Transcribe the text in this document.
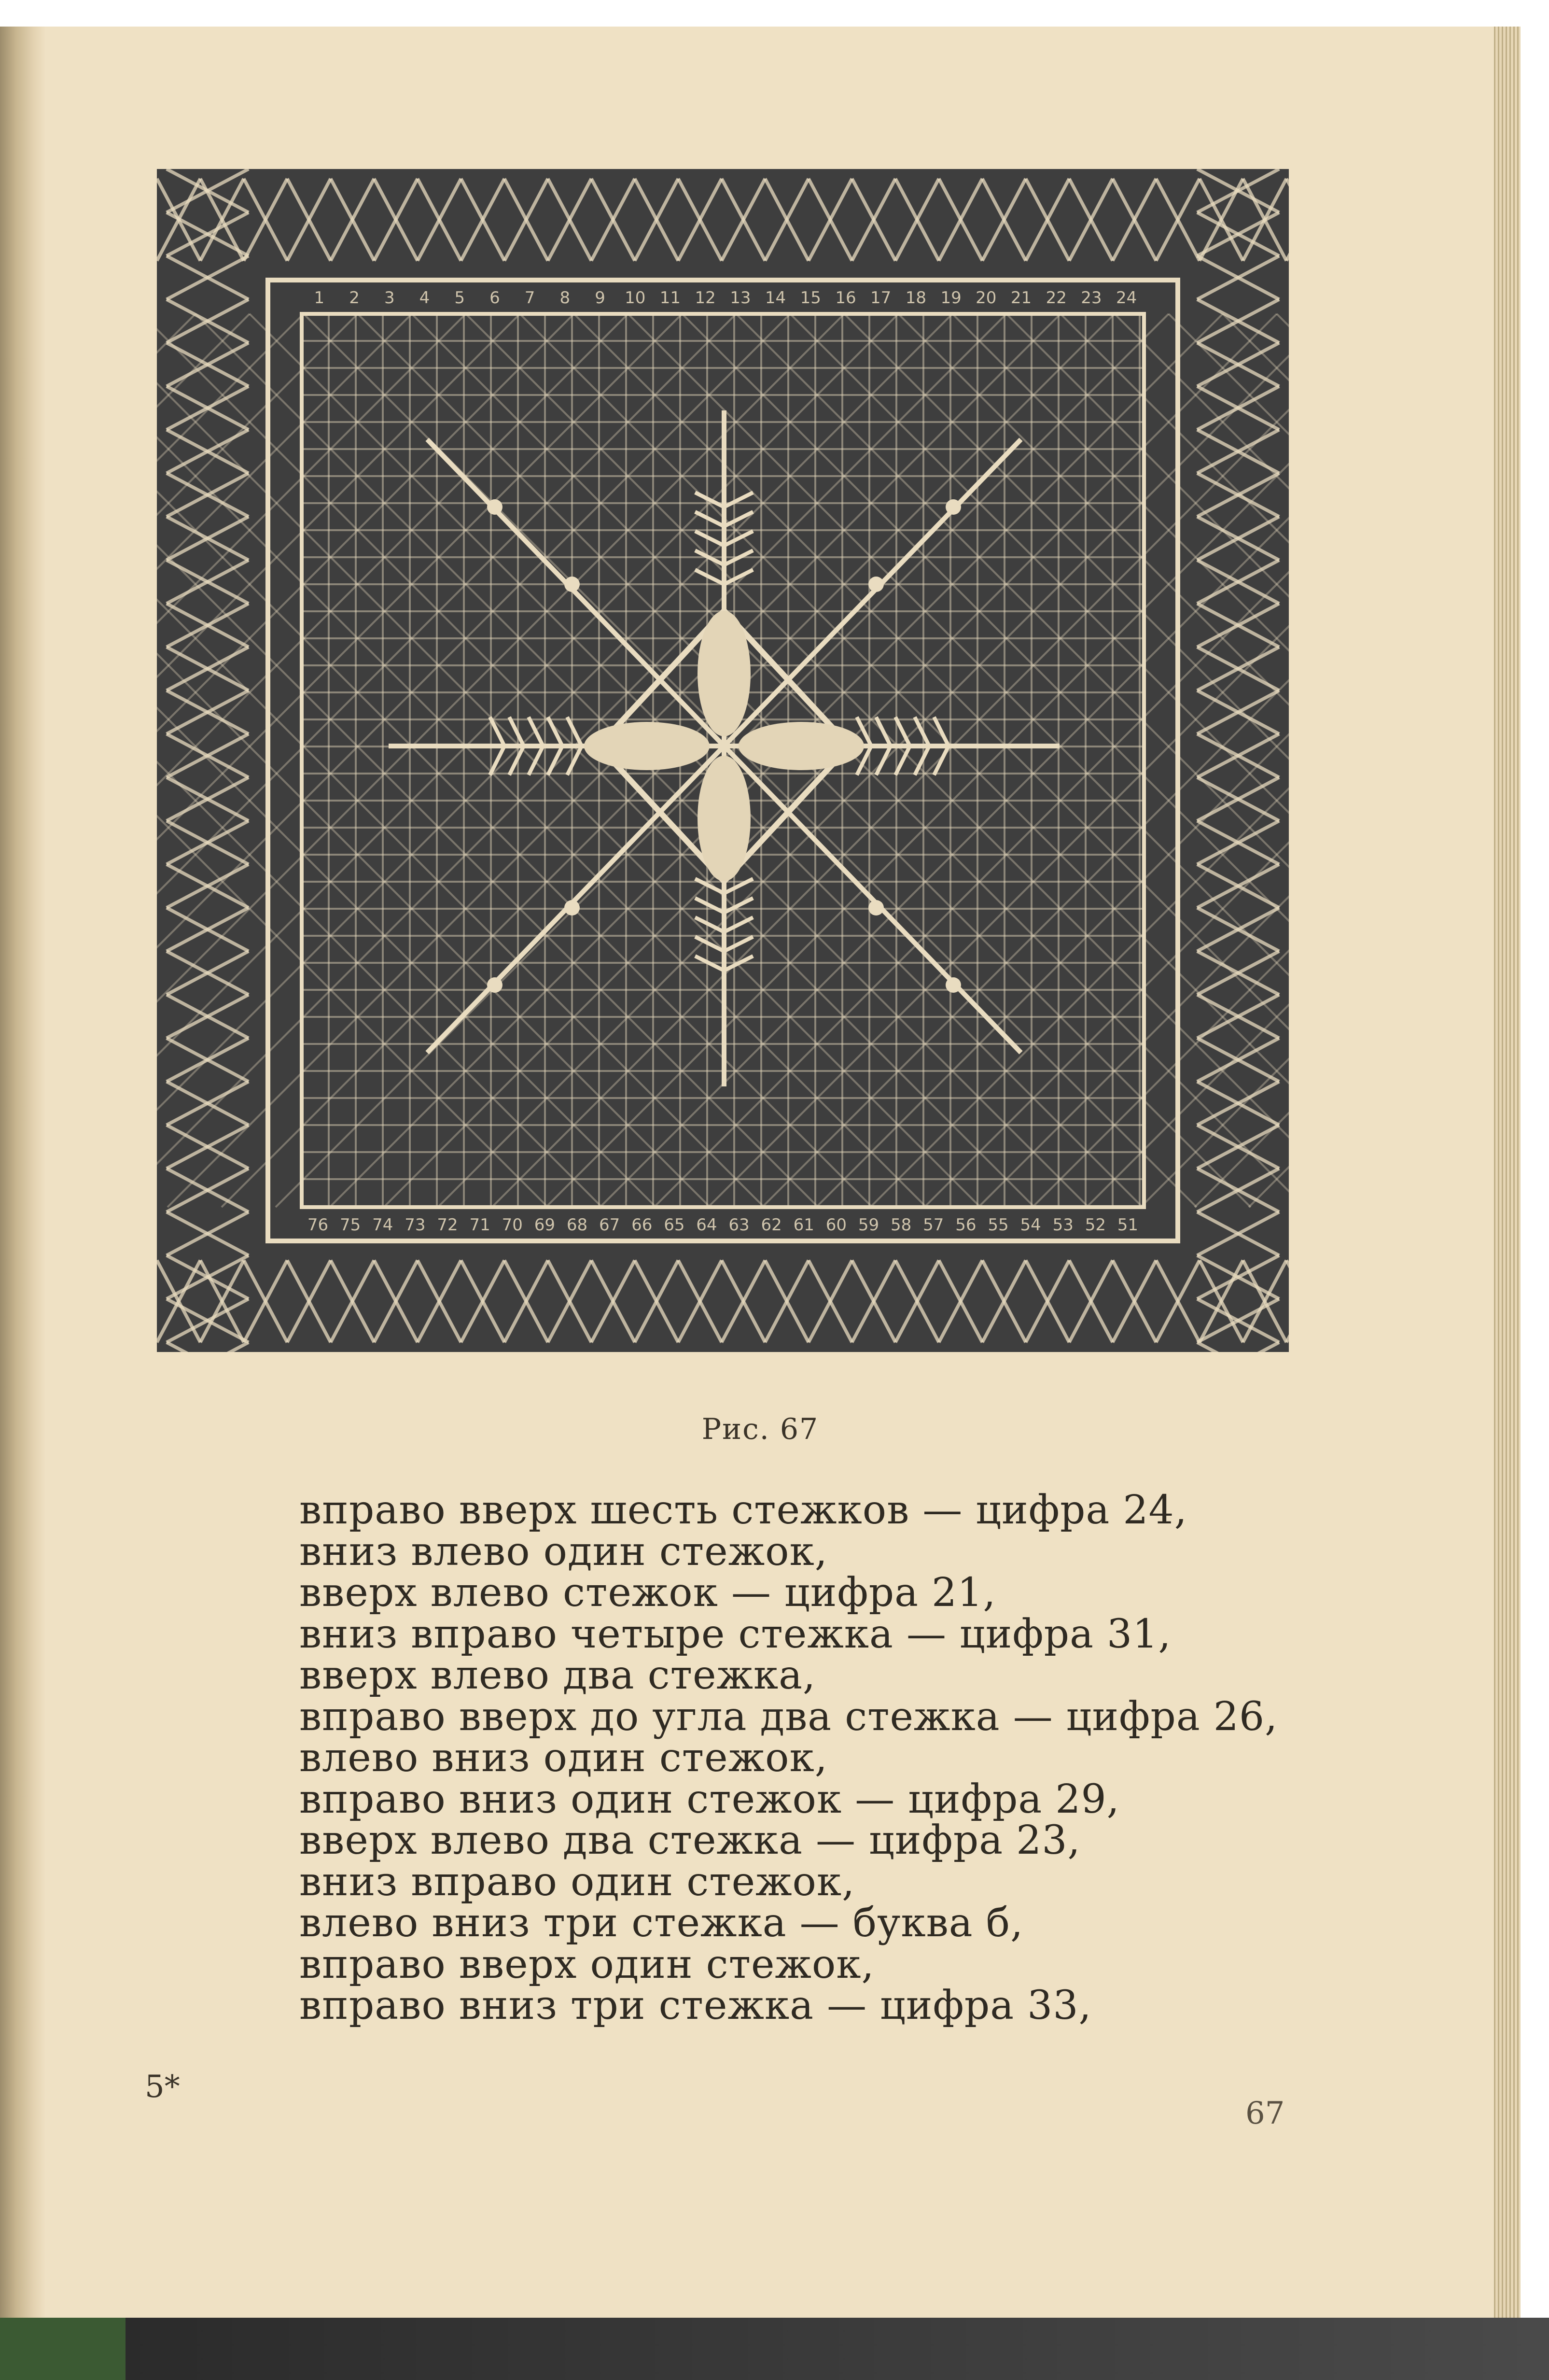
1 2 3 4 5 6 7 8 9 10 11 12 13 14 15 16 17 18 19 20 21 22 23 24
76 75 74 73 72 71 70 69 68 67 66 65 64 63 62 61 60 59 58 57 56 55 54 53 52 51
Рис. 67
вправо вверх шесть стежков — цифра 24,
вниз влево один стежок,
вверх влево стежок — цифра 21,
вниз вправо четыре стежка — цифра 31,
вверх влево два стежка,
вправо вверх до угла два стежка — цифра 26,
влево вниз один стежок,
вправо вниз один стежок — цифра 29,
вверх влево два стежка — цифра 23,
вниз вправо один стежок,
влево вниз три стежка — буква б,
вправо вверх один стежок,
вправо вниз три стежка — цифра 33,
5*
67
